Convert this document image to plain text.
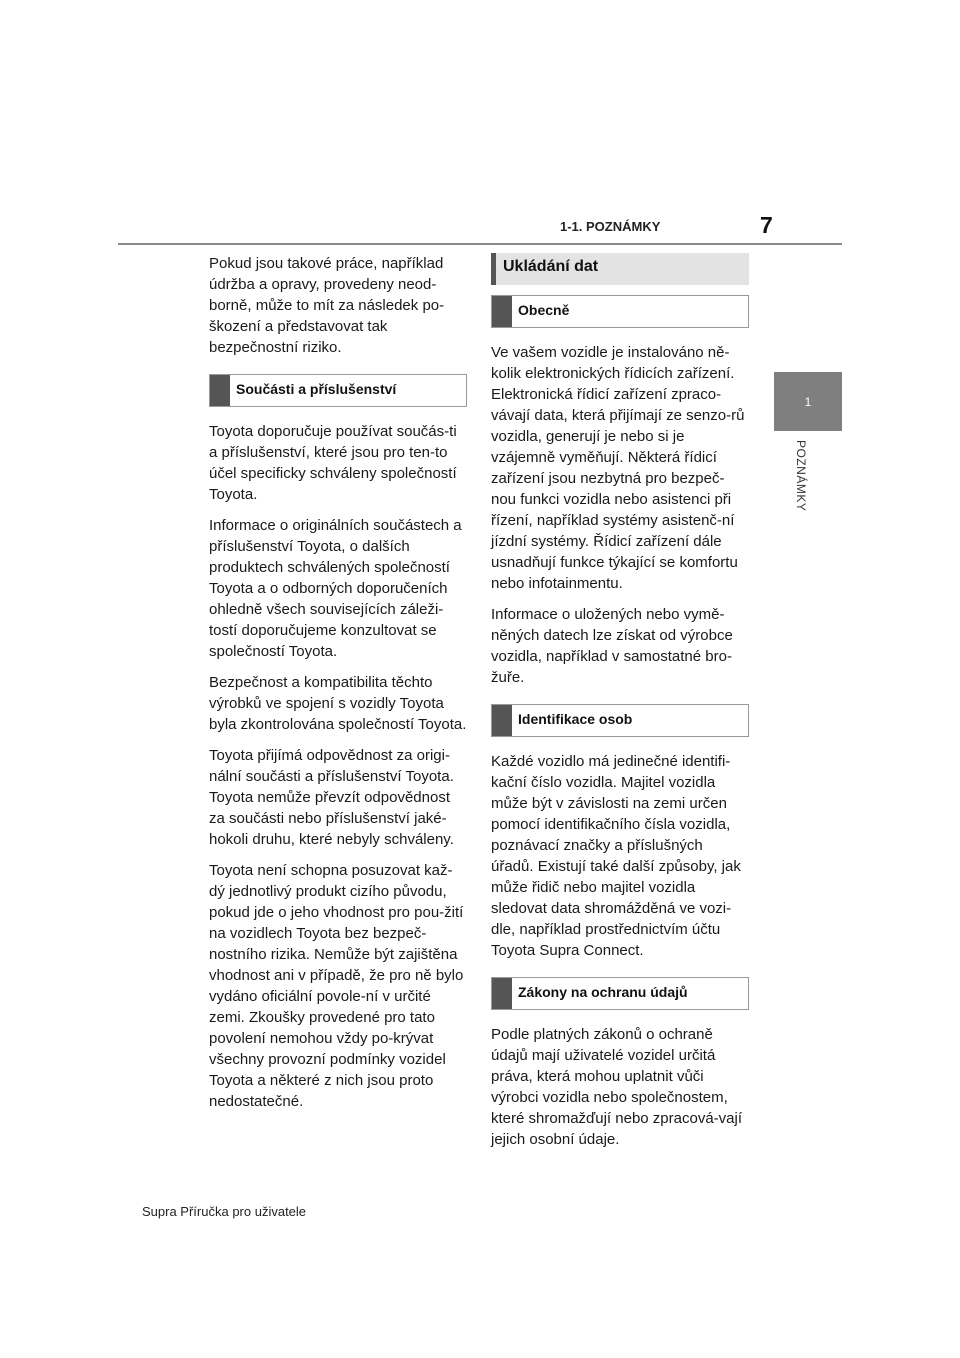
1-1. POZNÁMKY	7
1
POZNÁMKY

Pokud jsou takové práce, například údržba a opravy, provedeny neod-borně, může to mít za následek po-škození a představovat tak bezpečnostní riziko.

Součásti a příslušenství

Toyota doporučuje používat součás-ti a příslušenství, které jsou pro ten-to účel specificky schváleny společností Toyota.

Informace o originálních součástech a příslušenství Toyota, o dalších produktech schválených společností Toyota a o odborných doporučeních ohledně všech souvisejících záleži-tostí doporučujeme konzultovat se společností Toyota.

Bezpečnost a kompatibilita těchto výrobků ve spojení s vozidly Toyota byla zkontrolována společností Toyota.

Toyota přijímá odpovědnost za origi-nální součásti a příslušenství Toyota. Toyota nemůže převzít odpovědnost za součásti nebo příslušenství jaké-hokoli druhu, které nebyly schváleny.

Toyota není schopna posuzovat kaž-dý jednotlivý produkt cizího původu, pokud jde o jeho vhodnost pro pou-žití na vozidlech Toyota bez bezpeč-nostního rizika. Nemůže být zajištěna vhodnost ani v případě, že pro ně bylo vydáno oficiální povole-ní v určité zemi. Zkoušky provedené pro tato povolení nemohou vždy po-krývat všechny provozní podmínky vozidel Toyota a některé z nich jsou proto nedostatečné.

Ukládání dat
Obecně

Ve vašem vozidle je instalováno ně-kolik elektronických řídicích zařízení. Elektronická řídicí zařízení zpraco-vávají data, která přijímají ze senzo-rů vozidla, generují je nebo si je vzájemně vyměňují. Některá řídicí zařízení jsou nezbytná pro bezpeč-nou funkci vozidla nebo asistenci při řízení, například systémy asistenč-ní jízdní systémy. Řídicí zařízení dále usnadňují funkce týkající se komfortu nebo infotainmentu.

Informace o uložených nebo vymě-něných datech lze získat od výrobce vozidla, například v samostatné bro-žuře.

Identifikace osob

Každé vozidlo má jedinečné identifi-kační číslo vozidla. Majitel vozidla může být v závislosti na zemi určen pomocí identifikačního čísla vozidla, poznávací značky a příslušných úřadů. Existují také další způsoby, jak může řidič nebo majitel vozidla sledovat data shromážděná ve vozi-dle, například prostřednictvím účtu Toyota Supra Connect.

Zákony na ochranu údajů

Podle platných zákonů o ochraně údajů mají uživatelé vozidel určitá práva, která mohou uplatnit vůči výrobci vozidla nebo společnostem, které shromažďují nebo zpracová-vají jejich osobní údaje.

Supra Příručka pro uživatele
